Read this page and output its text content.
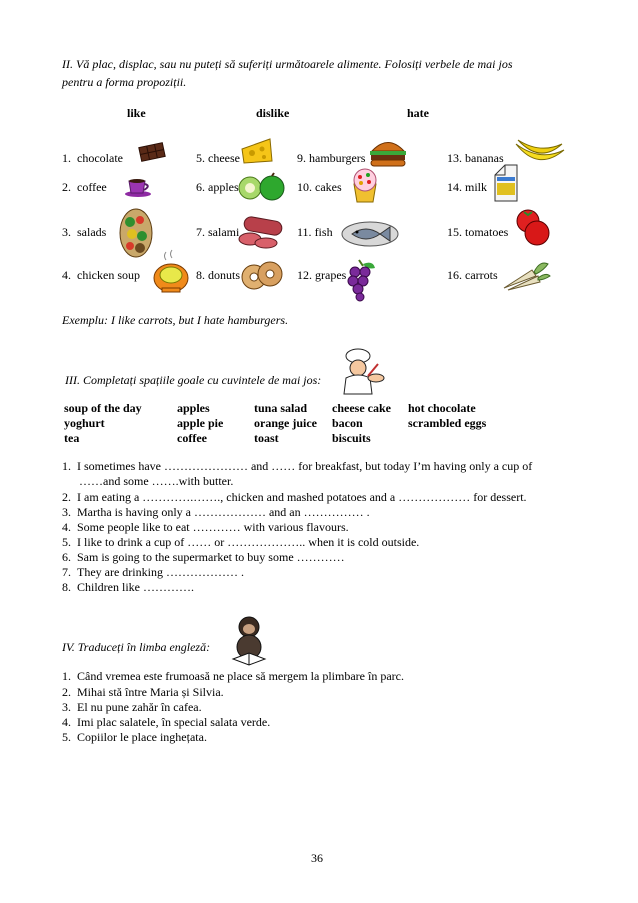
II. Vă plac, displac, sau nu puteți să suferiți următoarele alimente. Folosiți verbele de mai jos
pentru a forma propoziții.
like	dislike	hate
1. chocolate
2. coffee
3. salads
4. chicken soup
5. cheese
6. apples
7. salami
8. donuts
9. hamburgers
10. cakes
11. fish
12. grapes
13. bananas
14. milk
15. tomatoes
16. carrots
Exemplu: I like carrots, but I hate hamburgers.
III. Completați spațiile goale cu cuvintele de mai jos:
soup of the day
yoghurt
tea
apples
apple pie
coffee
tuna salad
orange juice
toast
cheese cake
bacon
biscuits
hot chocolate
scrambled eggs
1. I sometimes have ………………… and …… for breakfast, but today I’m having only a cup of
……and some …….with butter.
2. I am eating a ………….……., chicken and mashed potatoes and a ……………… for dessert.
3. Martha is having only a ……………… and an …………… .
4. Some people like to eat ………… with various flavours.
5. I like to drink a cup of …… or ……………….. when it is cold outside.
6. Sam is going to the supermarket to buy some …………
7. They are drinking ……………… .
8. Children like ………….
IV. Traduceți în limba engleză:
1. Când vremea este frumoasă ne place să mergem la plimbare în parc.
2. Mihai stă între Maria și Silvia.
3. El nu pune zahăr în cafea.
4. Imi plac salatele, în special salata verde.
5. Copiilor le place inghețata.
36
